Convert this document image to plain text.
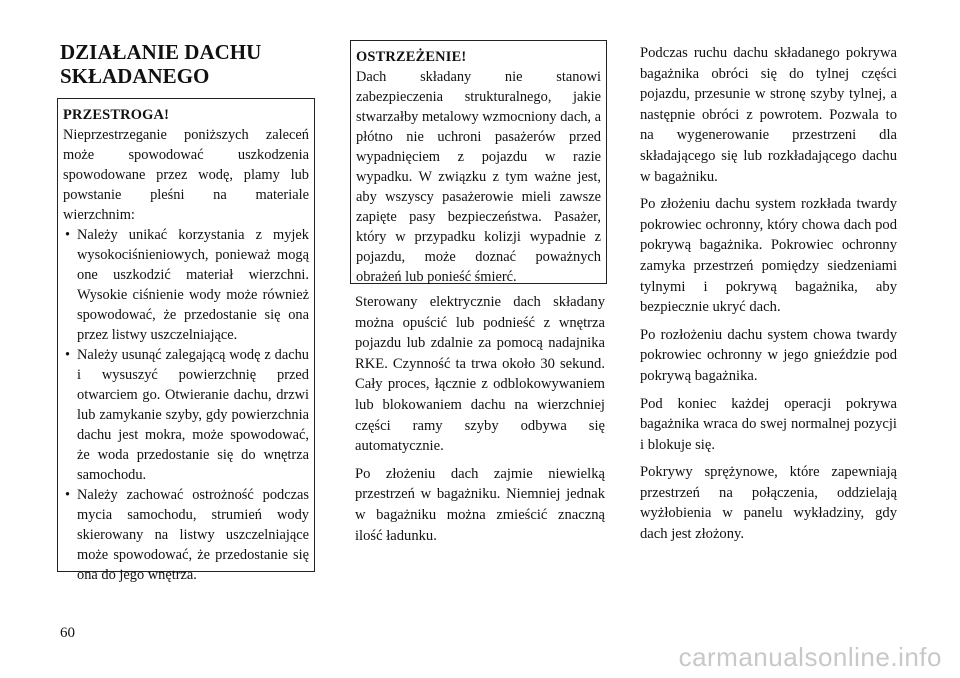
DZIAŁANIE DACHU SKŁADANEGO
PRZESTROGA!

Nieprzestrzeganie poniższych zaleceń może spowodować uszkodzenia spowodowane przez wodę, plamy lub powstanie pleśni na materiale wierzchnim:

• Należy unikać korzystania z myjek wysokociśnieniowych, ponieważ mogą one uszkodzić materiał wierzchni. Wysokie ciśnienie wody może również spowodować, że przedostanie się ona przez listwy uszczelniające.
• Należy usunąć zalegającą wodę z dachu i wysuszyć powierzchnię przed otwarciem go. Otwieranie dachu, drzwi lub zamykanie szyby, gdy powierzchnia dachu jest mokra, może spowodować, że woda przedostanie się do wnętrza samochodu.
• Należy zachować ostrożność podczas mycia samochodu, strumień wody skierowany na listwy uszczelniające może spowodować, że przedostanie się ona do jego wnętrza.
OSTRZEŻENIE!

Dach składany nie stanowi zabezpieczenia strukturalnego, jakie stwarzałby metalowy wzmocniony dach, a płótno nie uchroni pasażerów przed wypadnięciem z pojazdu w razie wypadku. W związku z tym ważne jest, aby wszyscy pasażerowie mieli zawsze zapięte pasy bezpieczeństwa. Pasażer, który w przypadku kolizji wypadnie z pojazdu, może doznać poważnych obrażeń lub ponieść śmierć.

Sterowany elektrycznie dach składany można opuścić lub podnieść z wnętrza pojazdu lub zdalnie za pomocą nadajnika RKE. Czynność ta trwa około 30 sekund. Cały proces, łącznie z odblokowywaniem lub blokowaniem dachu na wierzchniej części ramy szyby odbywa się automatycznie.

Po złożeniu dach zajmie niewielką przestrzeń w bagażniku. Niemniej jednak w bagażniku można zmieścić znaczną ilość ładunku.

Podczas ruchu dachu składanego pokrywa bagażnika obróci się do tylnej części pojazdu, przesunie w stronę szyby tylnej, a następnie obróci z powrotem. Pozwala to na wygenerowanie przestrzeni dla składającego się lub rozkładającego dachu w bagażniku.

Po złożeniu dachu system rozkłada twardy pokrowiec ochronny, który chowa dach pod pokrywą bagażnika. Pokrowiec ochronny zamyka przestrzeń pomiędzy siedzeniami tylnymi i pokrywą bagażnika, aby bezpiecznie ukryć dach.

Po rozłożeniu dachu system chowa twardy pokrowiec ochronny w jego gnieździe pod pokrywą bagażnika.

Pod koniec każdej operacji pokrywa bagażnika wraca do swej normalnej pozycji i blokuje się.

Pokrywy sprężynowe, które zapewniają przestrzeń na połączenia, oddzielają wyżłobienia w panelu wykładziny, gdy dach jest złożony.

60
carmanualsonline.info
